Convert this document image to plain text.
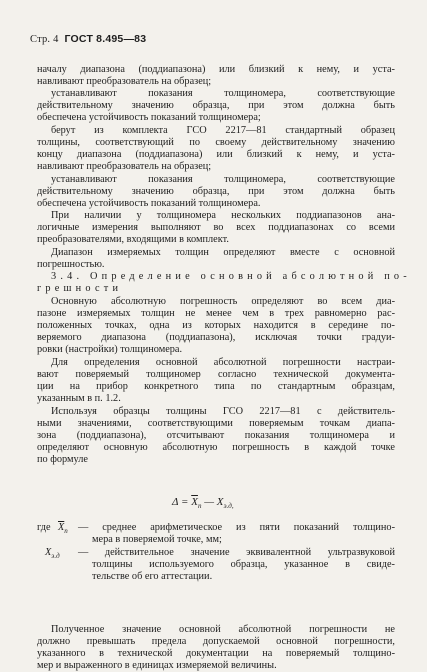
Стр. 4 ГОСТ 8.495—83
началу диапазона (поддиапазона) или близкий к нему, и уста-
навливают преобразователь на образец;
устанавливают показания толщиномера, соответствующие
действительному значению образца, при этом должна быть
обеспечена устойчивость показаний толщиномера;
берут из комплекта ГСО 2217—81 стандартный образец
толщины, соответствующий по своему действительному значению
концу диапазона (поддиапазона) или близкий к нему, и уста-
навливают преобразователь на образец;
устанавливают показания толщиномера, соответствующие
действительному значению образца, при этом должна быть
обеспечена устойчивость показаний толщиномера.
При наличии у толщиномера нескольких поддиапазонов ана-
логичные измерения выполняют во всех поддиапазонах со всеми
преобразователями, входящими в комплект.
Диапазон измеряемых толщин определяют вместе с основной
погрешностью.
3.4. Определение основной абсолютной по-
грешности
Основную абсолютную погрешность определяют во всем диа-
пазоне измеряемых толщин не менее чем в трех равномерно рас-
положенных точках, одна из которых находится в середине по-
веряемого диапазона (поддиапазона), исключая точки градуи-
ровки (настройки) толщиномера.
Для определения основной абсолютной погрешности настраи-
вают поверяемый толщиномер согласно технической документа-
ции на прибор конкретного типа по стандартным образцам,
указанным в п. 1.2.
Используя образцы толщины ГСО 2217—81 с действитель-
ными значениями, соответствующими поверяемым точкам диапа-
зона (поддиапазона), отсчитывают показания толщиномера и
определяют основную абсолютную погрешность в каждой точке
по формуле
Полученное значение основной абсолютной погрешности не
должно превышать предела допускаемой основной погрешности,
указанного в технической документации на поверяемый толщино-
мер и выраженного в единицах измеряемой величины.
$\Delta = \overline{X}_п$ — $X_{э.д,}$
где $\overline{X}_п$ — среднее арифметическое из пяти показаний толщино-
мера в поверяемой точке, мм;
$X_{э.д}$ — действительное значение эквивалентной ультразвуковой
толщины используемого образца, указанное в свиде-
тельстве об его аттестации.
